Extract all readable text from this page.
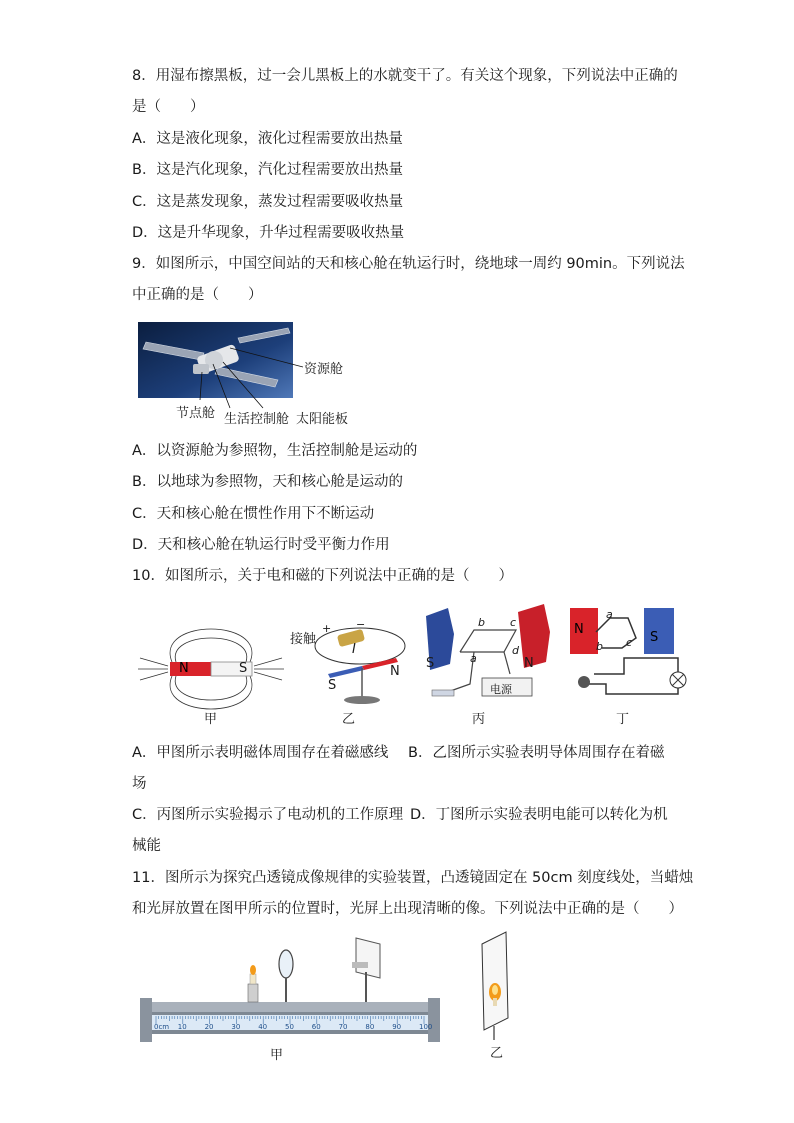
8．用湿布擦黑板，过一会儿黑板上的水就变干了。有关这个现象，下列说法中正确的
是（　　）
A．这是液化现象，液化过程需要放出热量
B．这是汽化现象，汽化过程需要放出热量
C．这是蒸发现象，蒸发过程需要吸收热量
D．这是升华现象，升华过程需要吸收热量
9．如图所示，中国空间站的天和核心舱在轨运行时，绕地球一周约 90min。下列说法
中正确的是（　　）
资源舱
节点舱 生活控制舱 太阳能板
A．以资源舱为参照物，生活控制舱是运动的
B．以地球为参照物，天和核心舱是运动的
C．天和核心舱在惯性作用下不断运动
D．天和核心舱在轨运行时受平衡力作用
10．如图所示，关于电和磁的下列说法中正确的是（　　）
N	S
甲
接触
+ −
I
S
N
乙
S	N
a
b c
d
电源
丙
N
S
a
b c
丁
A．甲图所示表明磁体周围存在着磁感线 B．乙图所示实验表明导体周围存在着磁
场
C．丙图所示实验揭示了电动机的工作原理 D．丁图所示实验表明电能可以转化为机
械能
11．图所示为探究凸透镜成像规律的实验装置，凸透镜固定在 50cm 刻度线处，当蜡烛
和光屏放置在图甲所示的位置时，光屏上出现清晰的像。下列说法中正确的是（　　）
0cm 10	20	30	40	50	60	70	80	90	100
甲	乙
